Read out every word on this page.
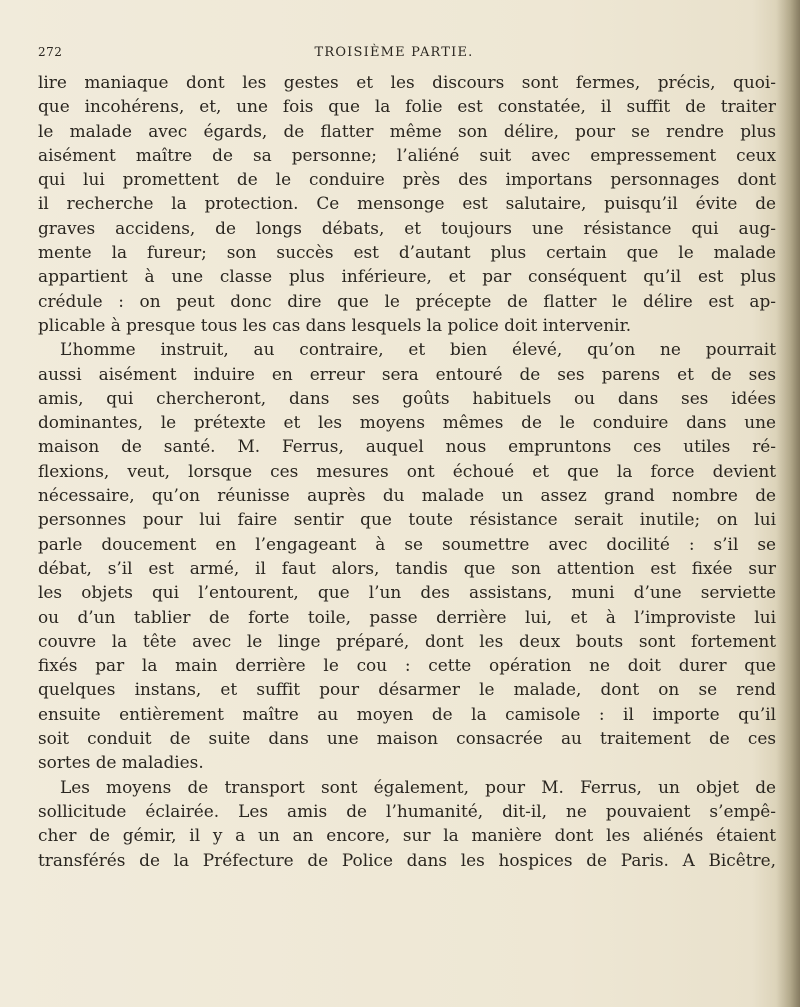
272	TROISIÈME PARTIE.
lire maniaque dont les gestes et les discours sont fermes, précis, quoi-
que incohérens, et, une fois que la folie est constatée, il suffit de traiter
le malade avec égards, de flatter même son délire, pour se rendre plus
aisément maître de sa personne; l’aliéné suit avec empressement ceux
qui lui promettent de le conduire près des importans personnages dont
il recherche la protection. Ce mensonge est salutaire, puisqu’il évite de
graves accidens, de longs débats, et toujours une résistance qui aug-
mente la fureur; son succès est d’autant plus certain que le malade
appartient à une classe plus inférieure, et par conséquent qu’il est plus
crédule : on peut donc dire que le précepte de flatter le délire est ap-
plicable à presque tous les cas dans lesquels la police doit intervenir.
L’homme instruit, au contraire, et bien élevé, qu’on ne pourrait
aussi aisément induire en erreur sera entouré de ses parens et de ses
amis, qui chercheront, dans ses goûts habituels ou dans ses idées
dominantes, le prétexte et les moyens mêmes de le conduire dans une
maison de santé. M. Ferrus, auquel nous empruntons ces utiles ré-
flexions, veut, lorsque ces mesures ont échoué et que la force devient
nécessaire, qu’on réunisse auprès du malade un assez grand nombre de
personnes pour lui faire sentir que toute résistance serait inutile; on lui
parle doucement en l’engageant à se soumettre avec docilité : s’il se
débat, s’il est armé, il faut alors, tandis que son attention est fixée sur
les objets qui l’entourent, que l’un des assistans, muni d’une serviette
ou d’un tablier de forte toile, passe derrière lui, et à l’improviste lui
couvre la tête avec le linge préparé, dont les deux bouts sont fortement
fixés par la main derrière le cou : cette opération ne doit durer que
quelques instans, et suffit pour désarmer le malade, dont on se rend
ensuite entièrement maître au moyen de la camisole : il importe qu’il
soit conduit de suite dans une maison consacrée au traitement de ces
sortes de maladies.
Les moyens de transport sont également, pour M. Ferrus, un objet de
sollicitude éclairée. Les amis de l’humanité, dit-il, ne pouvaient s’empê-
cher de gémir, il y a un an encore, sur la manière dont les aliénés étaient
transférés de la Préfecture de Police dans les hospices de Paris. A Bicêtre,
